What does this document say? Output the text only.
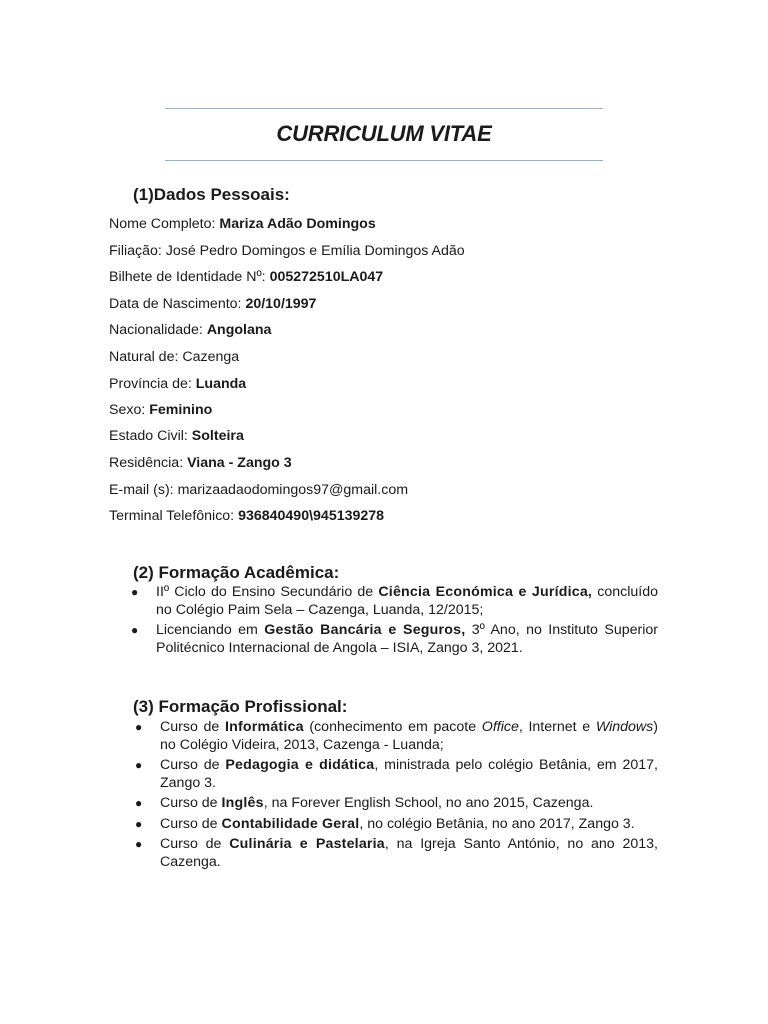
CURRICULUM VITAE
(1)Dados Pessoais:
Nome Completo: Mariza Adão Domingos
Filiação: José Pedro Domingos e Emília Domingos Adão
Bilhete de Identidade Nº: 005272510LA047
Data de Nascimento: 20/10/1997
Nacionalidade: Angolana
Natural de: Cazenga
Província de: Luanda
Sexo: Feminino
Estado Civil: Solteira
Residência: Viana - Zango 3
E-mail (s): mariza​adaodomingos97@gmail.com
Terminal Telefônico: 936840490\945139278
(2) Formação Acadêmica:
● IIº Ciclo do Ensino Secundário de Ciência Económica e Jurídica, concluído no Colégio Paim Sela – Cazenga, Luanda, 12/2015;
● Licenciando em Gestão Bancária e Seguros, 3º Ano, no Instituto Superior Politécnico Internacional de Angola – ISIA, Zango 3, 2021.
(3) Formação Profissional:
● Curso de Informática (conhecimento em pacote Office, Internet e Windows) no Colégio Videira, 2013, Cazenga - Luanda;
● Curso de Pedagogia e didática, ministrada pelo colégio Betânia, em 2017, Zango 3.
● Curso de Inglês, na Forever English School, no ano 2015, Cazenga.
● Curso de Contabilidade Geral, no colégio Betânia, no ano 2017, Zango 3.
● Curso de Culinária e Pastelaria, na Igreja Santo António, no ano 2013, Cazenga.
